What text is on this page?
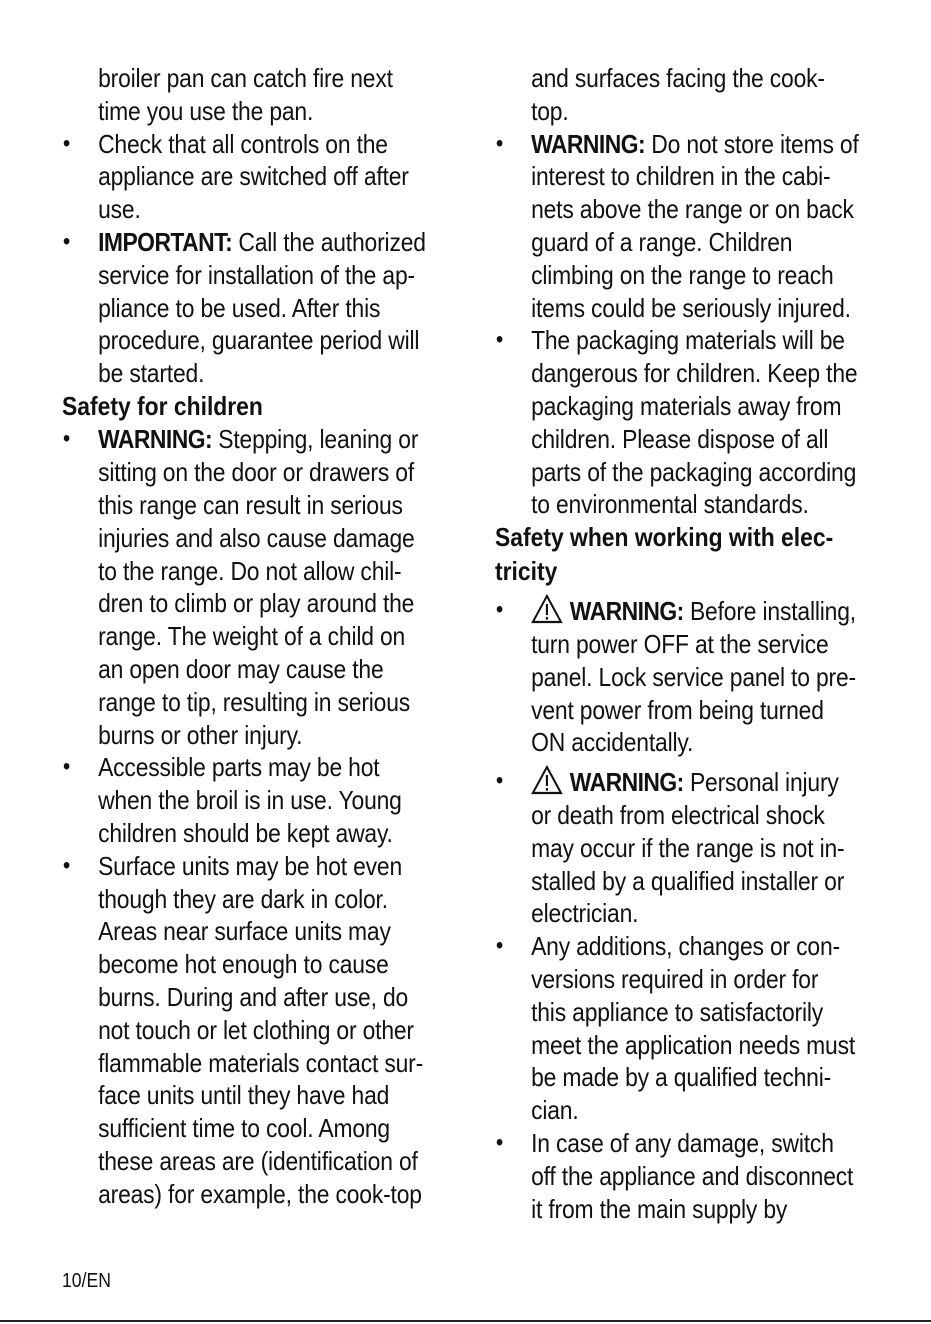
broiler pan can catch fire next
time you use the pan.
• Check that all controls on the
appliance are switched off after
use.
• IMPORTANT: Call the authorized
service for installation of the ap-
pliance to be used. After this
procedure, guarantee period will
be started.
Safety for children
• WARNING: Stepping, leaning or
sitting on the door or drawers of
this range can result in serious
injuries and also cause damage
to the range. Do not allow chil-
dren to climb or play around the
range. The weight of a child on
an open door may cause the
range to tip, resulting in serious
burns or other injury.
• Accessible parts may be hot
when the broil is in use. Young
children should be kept away.
• Surface units may be hot even
though they are dark in color.
Areas near surface units may
become hot enough to cause
burns. During and after use, do
not touch or let clothing or other
flammable materials contact sur-
face units until they have had
sufficient time to cool. Among
these areas are (identification of
areas) for example, the cook-top
and surfaces facing the cook-
top.
• WARNING: Do not store items of
interest to children in the cabi-
nets above the range or on back
guard of a range. Children
climbing on the range to reach
items could be seriously injured.
• The packaging materials will be
dangerous for children. Keep the
packaging materials away from
children. Please dispose of all
parts of the packaging according
to environmental standards.
Safety when working with elec-
tricity
• WARNING: Before installing,
turn power OFF at the service
panel. Lock service panel to pre-
vent power from being turned
ON accidentally.
• WARNING: Personal injury
or death from electrical shock
may occur if the range is not in-
stalled by a qualified installer or
electrician.
• Any additions, changes or con-
versions required in order for
this appliance to satisfactorily
meet the application needs must
be made by a qualified techni-
cian.
• In case of any damage, switch
off the appliance and disconnect
it from the main supply by
10/EN
